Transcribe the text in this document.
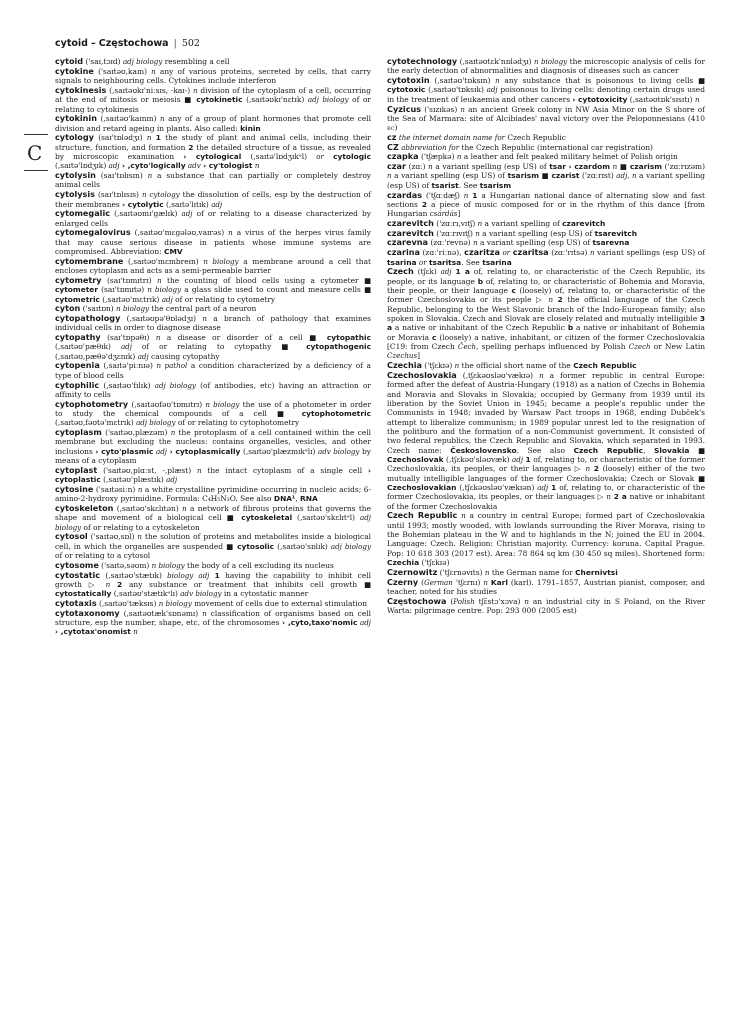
cytoid – Częstochowa | 502
C

cytoid ('saɪ,tɔɪd) adj biology resembling a cell

cytokine ('saɪtəʊ,kaɪn) n any of various proteins, secreted by cells, that carry signals to neighbouring cells. Cytokines include interferon

cytokinesis (,saɪtəʊkɪ'niːsɪs, -kaɪ-) n division of the cytoplasm of a cell, occurring at the end of mitosis or meiosis ■ cytokinetic (,saɪtəʊkɪ'nɛtɪk) adj biology of or relating to cytokinesis

cytokinin (,saɪtəʊ'kaɪnɪn) n any of a group of plant hormones that promote cell division and retard ageing in plants. Also called: kinin

cytology (saɪ'tɒlədʒɪ) n 1 the study of plant and animal cells, including their structure, function, and formation 2 the detailed structure of a tissue, as revealed by microscopic examination › cytological (,saɪtə'lɒdʒɪkᵊl) or cytologic (,saɪtə'lɒdʒɪk) adj › ,cyto'logically adv › cy'tologist n

cytolysin (saɪ'tɒlɪsɪn) n a substance that can partially or completely destroy animal cells

cytolysis (saɪ'tɒlɪsɪs) n cytology the dissolution of cells, esp by the destruction of their membranes › cytolytic (,saɪtə'lɪtɪk) adj

cytomegalic (,saɪtəʊmɪ'gælɪk) adj of or relating to a disease characterized by enlarged cells

cytomegalovirus (,saɪtəʊ'mɛgələʊ,vaɪrəs) n a virus of the herpes virus family that may cause serious disease in patients whose immune systems are compromised. Abbreviation: CMV

cytomembrane (,saɪtəʊ'mɛmbreɪn) n biology a membrane around a cell that encloses cytoplasm and acts as a semi-permeable barrier

cytometry (saɪ'tɒmɪtrɪ) n the counting of blood cells using a cytometer ■ cytometer (saɪ'tɒmɪtə) n biology a glass slide used to count and measure cells ■ cytometric (,saɪtəʊ'mɛtrɪk) adj of or relating to cytometry

cyton ('saɪtɒn) n biology the central part of a neuron

cytopathology (,saɪtəʊpə'θɒlədʒɪ) n a branch of pathology that examines individual cells in order to diagnose disease

cytopathy (saɪ'tɒpəθɪ) n a disease or disorder of a cell ■ cytopathic (,saɪtəʊ'pæθɪk) adj of or relating to cytopathy ■ cytopathogenic (,saɪtəʊ,pæθə'dʒɛnɪk) adj causing cytopathy

cytopenia (,saɪtə'piːnɪə) n pathol a condition characterized by a deficiency of a type of blood cells

cytophilic (,saɪtəʊ'fɪlɪk) adj biology (of antibodies, etc) having an attraction or affinity to cells

cytophotometry (,saɪtəʊfəʊ'tɒmɪtrɪ) n biology the use of a photometer in order to study the chemical compounds of a cell ■ cytophotometric (,saɪtəʊ,fəʊtə'mɛtrɪk) adj biology of or relating to cytophotometry

cytoplasm ('saɪtəʊ,plæzəm) n the protoplasm of a cell contained within the cell membrane but excluding the nucleus: contains organelles, vesicles, and other inclusions › cyto'plasmic adj › cytoplasmically (,saɪtəʊ'plæzmɪkᵊlɪ) adv biology by means of a cytoplasm

cytoplast ('saɪtəʊ,plɑːst, -,plæst) n the intact cytoplasm of a single cell › cytoplastic (,saɪtəʊ'plæstɪk) adj

cytosine ('saɪtəsiːn) n a white crystalline pyrimidine occurring in nucleic acids; 6-amino-2-hydroxy pyrimidine. Formula: C₄H₅N₃O. See also DNA¹, RNA

cytoskeleton (,saɪtəʊ'skɛlɪtən) n a network of fibrous proteins that governs the shape and movement of a biological cell ■ cytoskeletal (,saɪtəʊ'skɛlɪtᵊl) adj biology of or relating to a cytoskeleton

cytosol ('saɪtəʊ,sɒl) n the solution of proteins and metabolites inside a biological cell, in which the organelles are suspended ■ cytosolic (,saɪtəʊ'sɒlɪk) adj biology of or relating to a cytosol

cytosome ('saɪtə,səʊm) n biology the body of a cell excluding its nucleus

cytostatic (,saɪtəʊ'stætɪk) biology adj 1 having the capability to inhibit cell growth ▷ n 2 any substance or treatment that inhibits cell growth ■ cytostatically (,saɪtəʊ'stætɪkᵊlɪ) adv biology in a cytostatic manner

cytotaxis (,saɪtəʊ'tæksɪs) n biology movement of cells due to external stimulation

cytotaxonomy (,saɪtəʊtæk'sɒnəmɪ) n classification of organisms based on cell structure, esp the number, shape, etc, of the chromosomes › ,cyto,taxo'nomic adj › ,cytotax'onomist n

cytotechnology (,saɪtəʊtɛk'nɒlədʒɪ) n biology the microscopic analysis of cells for the early detection of abnormalities and diagnosis of diseases such as cancer

cytotoxin (,saɪtəʊ'tɒksɪn) n any substance that is poisonous to living cells ■ cytotoxic (,saɪtəʊ'tɒksɪk) adj poisonous to living cells: denoting certain drugs used in the treatment of leukaemia and other cancers › cytotoxicity (,saɪtəʊtɒk'sɪsɪtɪ) n

Cyzicus ('sɪzɪkəs) n an ancient Greek colony in NW Asia Minor on the S shore of the Sea of Marmara: site of Alcibiades' naval victory over the Peloponnesians (410 bc)

cz the internet domain name for Czech Republic

CZ abbreviation for the Czech Republic (international car registration)

czapka ('tʃæpkə) n a leather and felt peaked military helmet of Polish origin

czar (zɑː) n a variant spelling (esp US) of tsar › czardom n ■ czarism ('zɑːrɪzəm) n a variant spelling (esp US) of tsarism ■ czarist ('zɑːrɪst) adj, n a variant spelling (esp US) of tsarist. See tsarism

czardas ('tʃɑːdæʃ) n 1 a Hungarian national dance of alternating slow and fast sections 2 a piece of music composed for or in the rhythm of this dance [from Hungarian csárdás]

czarevitch ('zɑːrɪ,vɪtʃ) n a variant spelling of czarevitch

czarevitch ('zɑːrɪvɪtʃ) n a variant spelling (esp US) of tsarevitch

czarevna (zɑː'revnə) n a variant spelling (esp US) of tsarevna

czarina (zɑː'riːnə), czaritza or czaritsa (zɑː'rɪtsə) n variant spellings (esp US) of tsarina or tsaritsa. See tsarina

Czech (tʃɛk) adj 1 a of, relating to, or characteristic of the Czech Republic, its people, or its language b of, relating to, or characteristic of Bohemia and Moravia, their people, or their language c (loosely) of, relating to, or characteristic of the former Czechoslovakia or its people ▷ n 2 the official language of the Czech Republic, belonging to the West Slavonic branch of the Indo-European family; also spoken in Slovakia. Czech and Slovak are closely related and mutually intelligible 3 a a native or inhabitant of the Czech Republic b a native or inhabitant of Bohemia or Moravia c (loosely) a native, inhabitant, or citizen of the former Czechoslovakia [C19: from Czech Čech, spelling perhaps influenced by Polish Czech or New Latin Czechus]

Czechia ('tʃɛkɪə) n the official short name of the Czech Republic

Czechoslovakia (,tʃɛkəʊsləʊ'vækɪə) n a former republic in central Europe: formed after the defeat of Austria-Hungary (1918) as a nation of Czechs in Bohemia and Moravia and Slovaks in Slovakia; occupied by Germany from 1939 until its liberation by the Soviet Union in 1945; became a people's republic under the Communists in 1948; invaded by Warsaw Pact troops in 1968, ending Dubček's attempt to liberalize communism; in 1989 popular unrest led to the resignation of the politburo and the formation of a non-Communist government. It consisted of two federal republics, the Czech Republic and Slovakia, which separated in 1993. Czech name: Československo. See also Czech Republic, Slovakia ■ Czechoslovak (,tʃɛkəʊ'sləʊvæk) adj 1 of, relating to, or characteristic of the former Czechoslovakia, its peoples, or their languages ▷ n 2 (loosely) either of the two mutually intelligible languages of the former Czechoslovakia; Czech or Slovak ■ Czechoslovakian (,tʃɛkəʊsləʊ'vækɪən) adj 1 of, relating to, or characteristic of the former Czechoslovakia, its peoples, or their languages ▷ n 2 a native or inhabitant of the former Czechoslovakia

Czech Republic n a country in central Europe; formed part of Czechoslovakia until 1993; mostly wooded, with lowlands surrounding the River Morava, rising to the Bohemian plateau in the W and to highlands in the N; joined the EU in 2004. Language: Czech. Religion: Christian majority. Currency: koruna. Capital Prague. Pop: 10 618 303 (2017 est). Area: 78 864 sq km (30 450 sq miles). Shortened form: Czechia ('tʃɛkɪə)

Czernowitz ('tʃɛrnəvɪts) n the German name for Chernivtsi

Czerny (German 'tʃɛrnɪ) n Karl (karl). 1791–1857, Austrian pianist, composer, and teacher, noted for his studies

Częstochowa (Polish tʃɛ̃stɔ'xɔva) n an industrial city in S Poland, on the River Warta: pilgrimage centre. Pop: 293 000 (2005 est)
